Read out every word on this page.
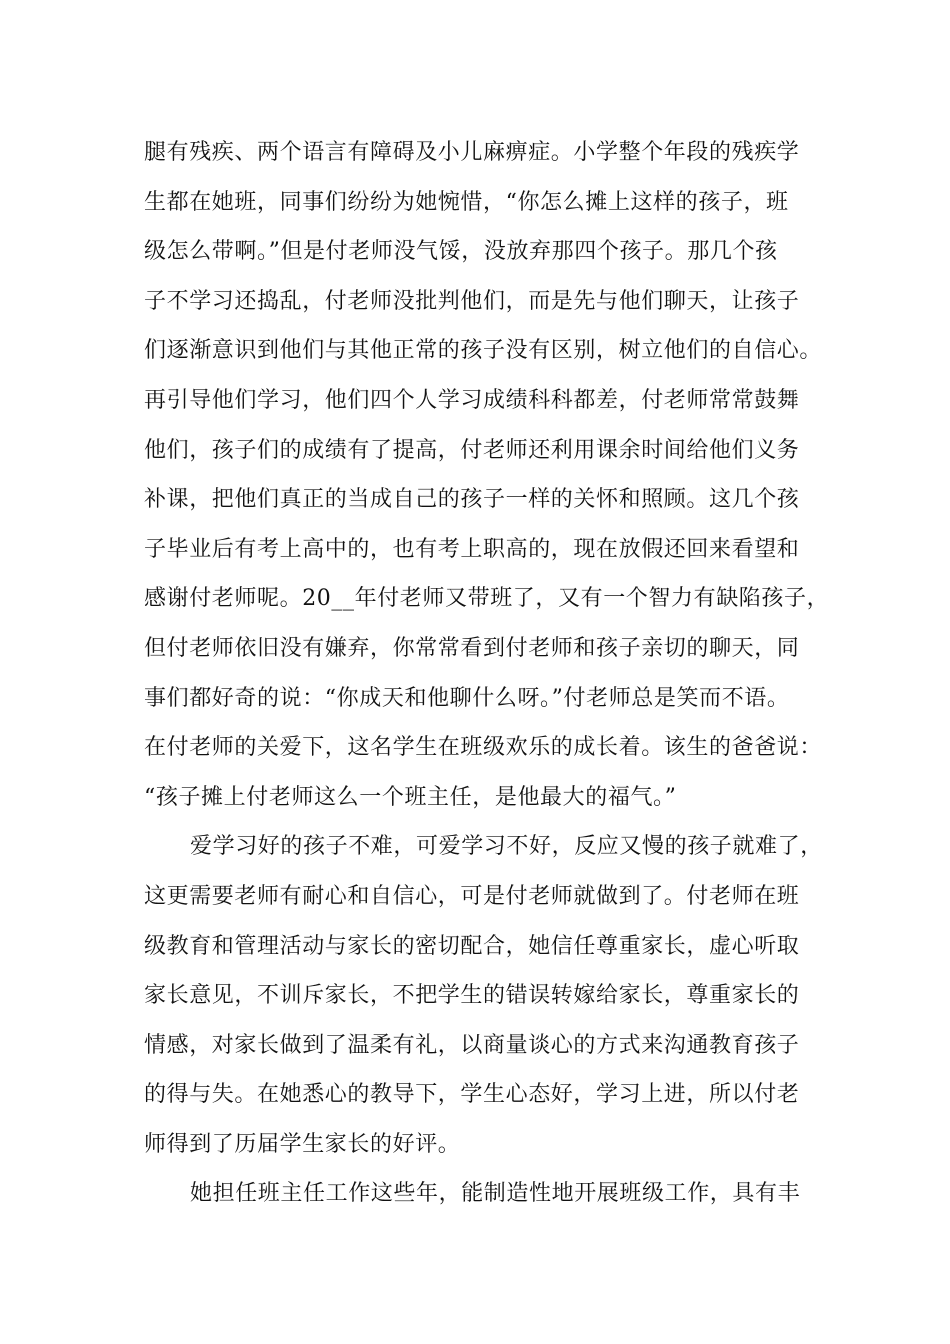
腿有残疾、两个语言有障碍及小儿麻痹症。小学整个年段的残疾学
生都在她班，同事们纷纷为她惋惜，“你怎么摊上这样的孩子，班
级怎么带啊。”但是付老师没气馁，没放弃那四个孩子。那几个孩
子不学习还捣乱，付老师没批判他们，而是先与他们聊天，让孩子
们逐渐意识到他们与其他正常的孩子没有区别，树立他们的自信心。
再引导他们学习，他们四个人学习成绩科科都差，付老师常常鼓舞
他们，孩子们的成绩有了提高，付老师还利用课余时间给他们义务
补课，把他们真正的当成自己的孩子一样的关怀和照顾。这几个孩
子毕业后有考上高中的，也有考上职高的，现在放假还回来看望和
感谢付老师呢。20__年付老师又带班了，又有一个智力有缺陷孩子，
但付老师依旧没有嫌弃，你常常看到付老师和孩子亲切的聊天，同
事们都好奇的说：“你成天和他聊什么呀。”付老师总是笑而不语。
在付老师的关爱下，这名学生在班级欢乐的成长着。该生的爸爸说：
“孩子摊上付老师这么一个班主任，是他最大的福气。”
爱学习好的孩子不难，可爱学习不好，反应又慢的孩子就难了，
这更需要老师有耐心和自信心，可是付老师就做到了。付老师在班
级教育和管理活动与家长的密切配合，她信任尊重家长，虚心听取
家长意见，不训斥家长，不把学生的错误转嫁给家长，尊重家长的
情感，对家长做到了温柔有礼，以商量谈心的方式来沟通教育孩子
的得与失。在她悉心的教导下，学生心态好，学习上进，所以付老
师得到了历届学生家长的好评。
她担任班主任工作这些年，能制造性地开展班级工作，具有丰
